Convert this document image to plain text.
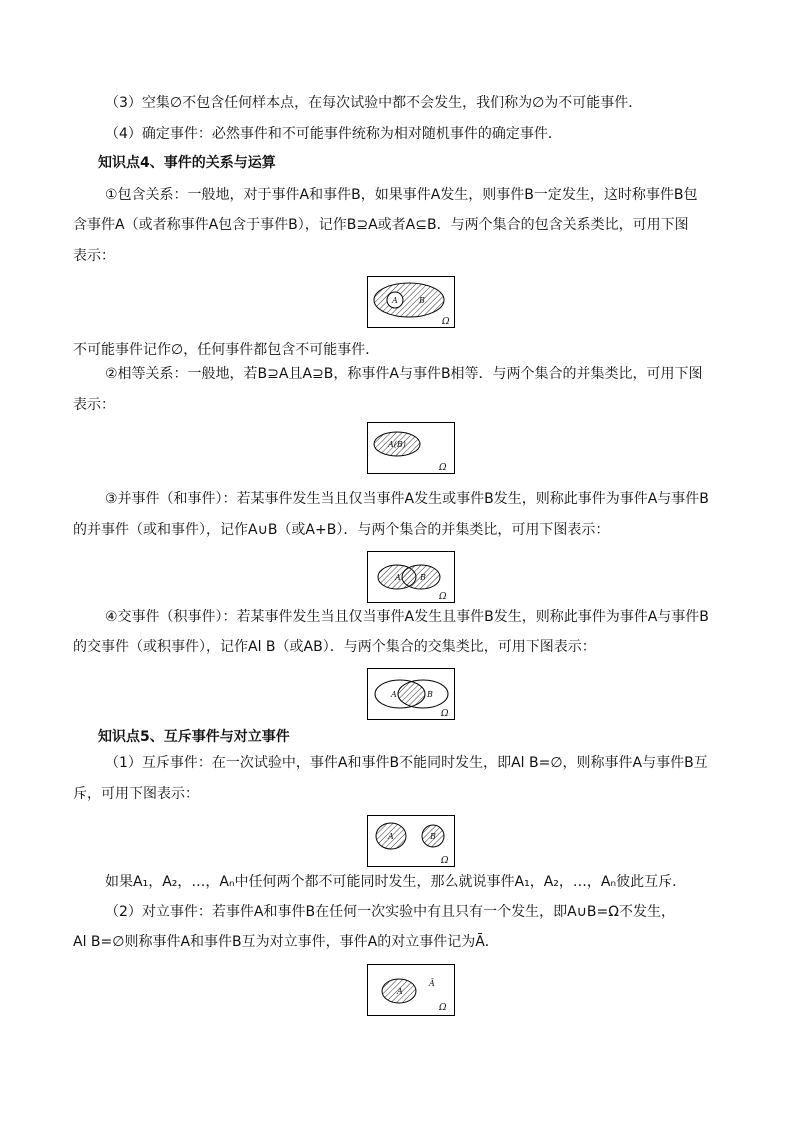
（3）空集∅不包含任何样本点，在每次试验中都不会发生，我们称为∅为不可能事件．
（4）确定事件：必然事件和不可能事件统称为相对随机事件的确定事件．
知识点4、事件的关系与运算
①包含关系：一般地，对于事件A和事件B，如果事件A发生，则事件B一定发生，这时称事件B包
含事件A（或者称事件A包含于事件B），记作B⊇A或者A⊆B．与两个集合的包含关系类比，可用下图
表示：
A	B
Ω
不可能事件记作∅，任何事件都包含不可能事件．
②相等关系：一般地，若B⊇A且A⊇B，称事件A与事件B相等．与两个集合的并集类比，可用下图
表示：
A(B)
Ω
③并事件（和事件）：若某事件发生当且仅当事件A发生或事件B发生，则称此事件为事件A与事件B
的并事件（或和事件），记作A∪B（或A+B）．与两个集合的并集类比，可用下图表示：
A B
Ω
④交事件（积事件）：若某事件发生当且仅当事件A发生且事件B发生，则称此事件为事件A与事件B
的交事件（或积事件），记作Al B（或AB）．与两个集合的交集类比，可用下图表示：
A	B
Ω
知识点5、互斥事件与对立事件
（1）互斥事件：在一次试验中，事件A和事件B不能同时发生，即Al B=∅，则称事件A与事件B互
斥，可用下图表示：
A	B
Ω
如果A₁，A₂，…，Aₙ中任何两个都不可能同时发生，那么就说事件A₁，A₂，…，Aₙ彼此互斥．
（2）对立事件：若事件A和事件B在任何一次实验中有且只有一个发生，即A∪B=Ω不发生，
Al B=∅则称事件A和事件B互为对立事件，事件A的对立事件记为Ā．
A
Ā
Ω
